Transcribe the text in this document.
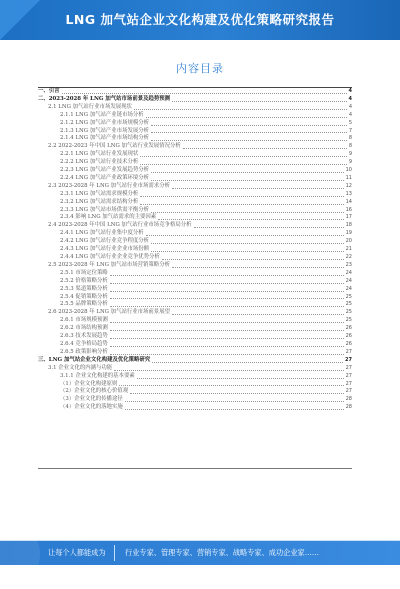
LNG 加气站企业文化构建及优化策略研究报告
内容目录
一、引言	4
二、2023-2028 年 LNG 加气站市场前景及趋势预测	4
2.1 LNG 加气站行业市场发展现状	4
2.1.1 LNG 加气站产业链市场分析	4
2.1.2 LNG 加气站产业市场规模分析	5
2.1.3 LNG 加气站产业市场发展分析	7
2.1.4 LNG 加气站产业市场结构分析	8
2.2 2022-2023 年中国 LNG 加气站行业发展情况分析	8
2.2.1 LNG 加气站行业发展现状	9
2.2.2 LNG 加气站行业技术分析	9
2.2.3 LNG 加气站产业发展趋势分析	10
2.2.4 LNG 加气站产业政策环境分析	11
2.3 2023-2028 年 LNG 加气站行业市场需求分析	12
2.3.1 LNG 加气站需求规模分析	13
2.3.2 LNG 加气站需求结构分析	14
2.3.3 LNG 加气站市场供需平衡分析	16
2.3.4 影响 LNG 加气站需求的主要因素	17
2.4 2023-2028 年中国 LNG 加气站行业市场竞争格局分析	18
2.4.1 LNG 加气站行业集中度分析	19
2.4.2 LNG 加气站行业竞争程度分析	20
2.4.3 LNG 加气站行业企业市场份额	21
2.4.4 LNG 加气站行业企业竞争优势分析	22
2.5 2023-2028 年 LNG 加气站市场营销策略分析	23
2.5.1 市场定位策略	24
2.5.2 价格策略分析	24
2.5.3 渠道策略分析	24
2.5.4 促销策略分析	25
2.5.5 品牌策略分析	25
2.6 2023-2028 年 LNG 加气站行业市场前景展望	25
2.6.1 市场规模预测	25
2.6.2 市场结构预测	26
2.6.3 技术发展趋势	26
2.6.4 竞争格局趋势	26
2.6.5 政策影响分析	27
三、LNG 加气站企业文化构建及优化策略研究	27
3.1 企业文化的内涵与功能	27
3.1.1 企业文化构建的基本要素	27
（1）企业文化构建原则	27
（2）企业文化的核心价值观	27
（3）企业文化的传播途径	28
（4）企业文化的落地实施	28
让每个人都能成为	行业专家、管理专家、营销专家、战略专家、成功企业家……
